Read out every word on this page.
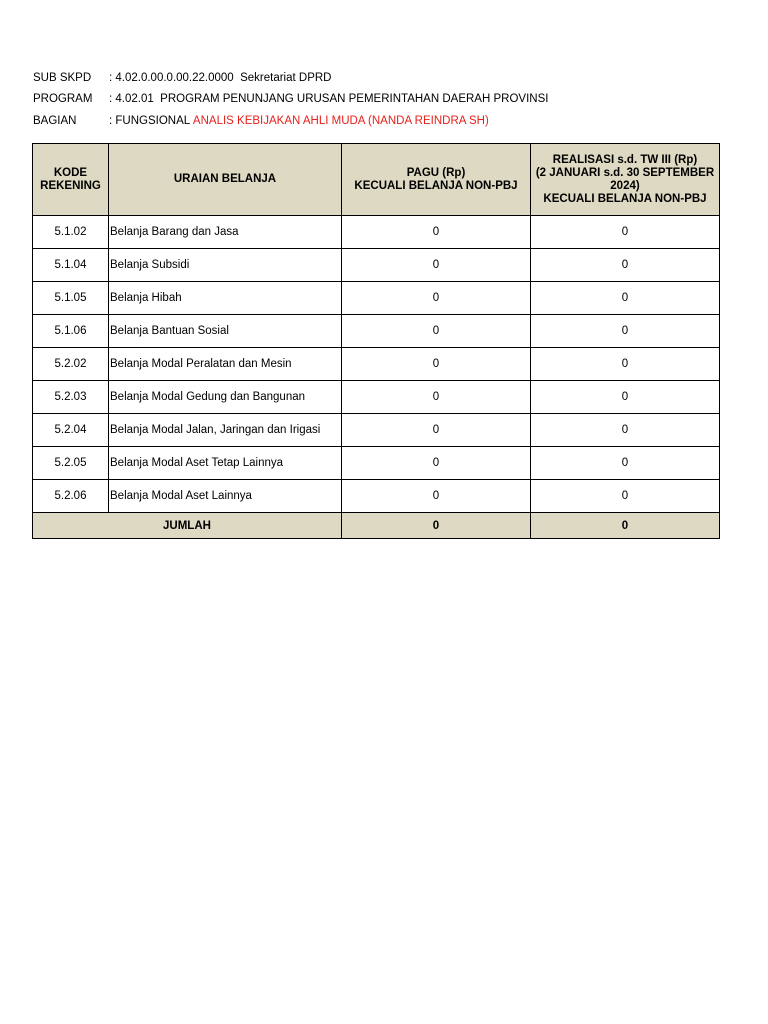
SUB SKPD	: 4.02.0.00.0.00.22.0000  Sekretariat DPRD
PROGRAM	: 4.02.01  PROGRAM PENUNJANG URUSAN PEMERINTAHAN DAERAH PROVINSI
BAGIAN	: FUNGSIONAL ANALIS KEBIJAKAN AHLI MUDA (NANDA REINDRA SH)
KODE
REKENING	URAIAN BELANJA	PAGU (Rp)
KECUALI BELANJA NON-PBJ	REALISASI s.d. TW III (Rp)
(2 JANUARI s.d. 30 SEPTEMBER
2024)
KECUALI BELANJA NON-PBJ

5.1.02	Belanja Barang dan Jasa	0	0
5.1.04	Belanja Subsidi	0	0
5.1.05	Belanja Hibah	0	0
5.1.06	Belanja Bantuan Sosial	0	0
5.2.02	Belanja Modal Peralatan dan Mesin	0	0
5.2.03	Belanja Modal Gedung dan Bangunan	0	0
5.2.04	Belanja Modal Jalan, Jaringan dan Irigasi	0	0
5.2.05	Belanja Modal Aset Tetap Lainnya	0	0
5.2.06	Belanja Modal Aset Lainnya	0	0
JUMLAH		0	0
